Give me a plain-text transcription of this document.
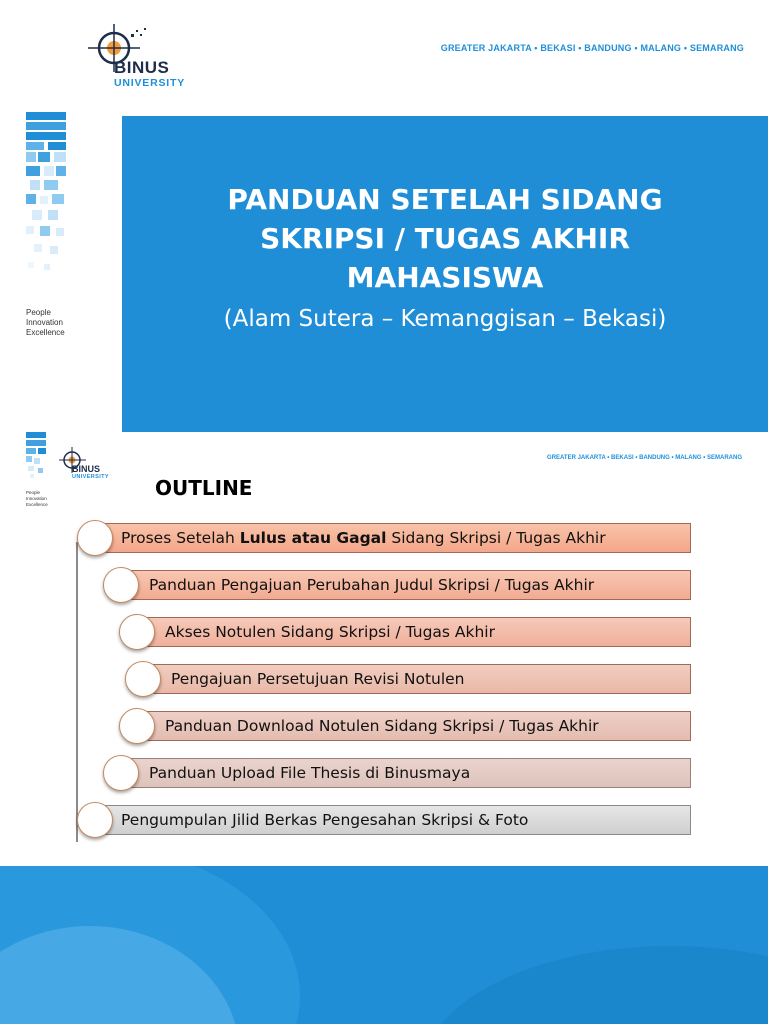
BINUS
UNIVERSITY
People
Innovation
Excellence
GREATER JAKARTA • BEKASI • BANDUNG • MALANG • SEMARANG
PANDUAN SETELAH SIDANG
SKRIPSI / TUGAS AKHIR
MAHASISWA
(Alam Sutera – Kemanggisan – Bekasi)
BINUS
UNIVERSITY
People
Innovation
Excellence
GREATER JAKARTA • BEKASI • BANDUNG • MALANG • SEMARANG
OUTLINE
Proses Setelah Lulus atau Gagal Sidang Skripsi / Tugas Akhir
Panduan Pengajuan Perubahan Judul Skripsi / Tugas Akhir
Akses Notulen Sidang Skripsi / Tugas Akhir
Pengajuan Persetujuan Revisi Notulen
Panduan Download Notulen Sidang Skripsi / Tugas Akhir
Panduan Upload File Thesis di Binusmaya
Pengumpulan Jilid Berkas Pengesahan Skripsi & Foto
